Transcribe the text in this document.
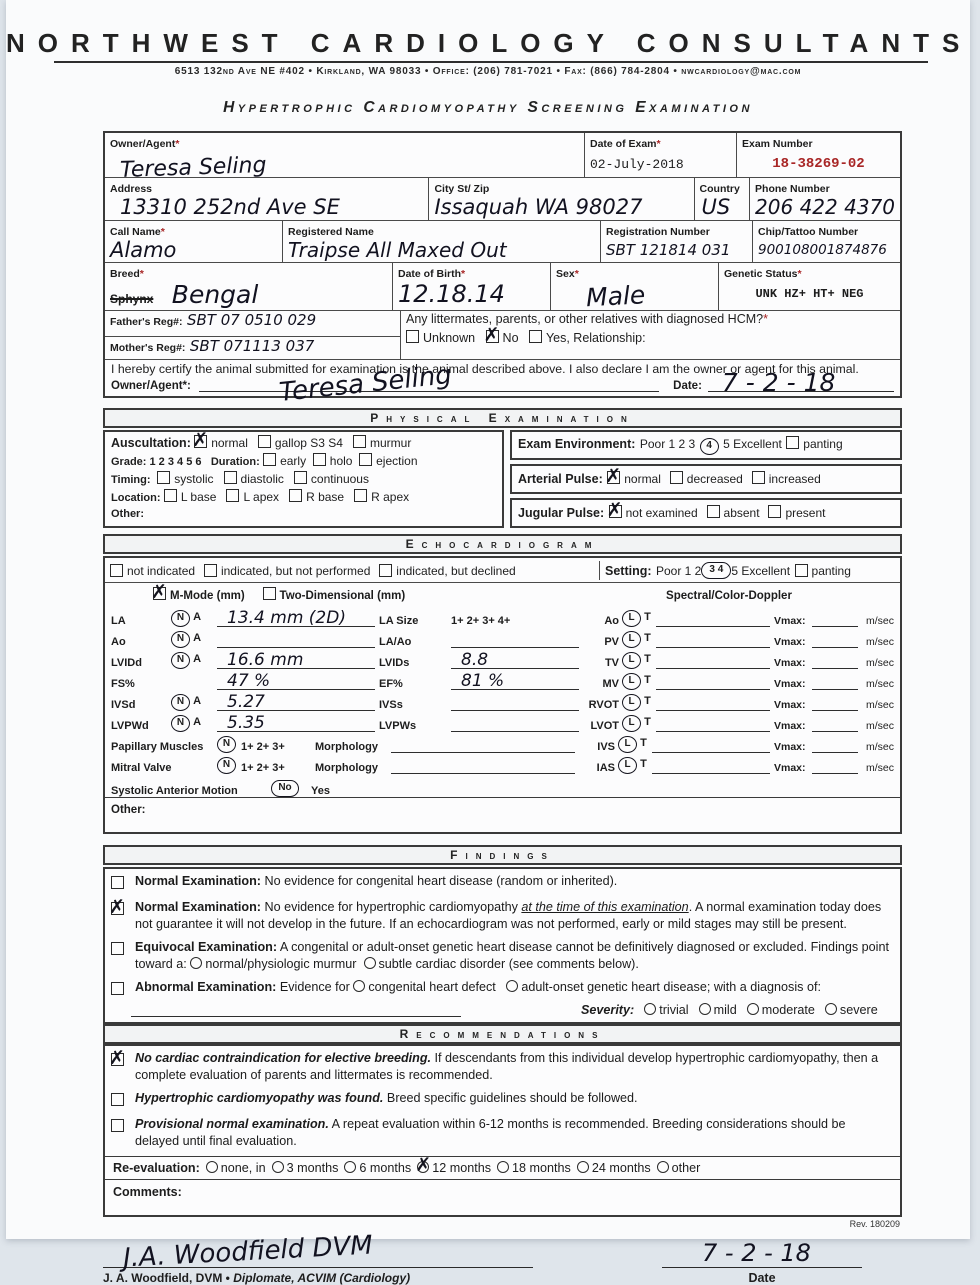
NORTHWEST CARDIOLOGY CONSULTANTS
6513 132nd Ave NE #402 • Kirkland, WA 98033 • Office: (206) 781-7021 • Fax: (866) 784-2804 • nwcardiology@mac.com
Hypertrophic Cardiomyopathy Screening Examination
Owner/Agent*
Teresa Seling
Date of Exam*
02-July-2018
Exam Number
18-38269-02
Address
13310 252nd Ave SE
City St/ Zip
Issaquah WA 98027
Country
US
Phone Number
206 422 4370
Call Name*
Alamo
Registered Name
Traipse All Maxed Out
Registration Number
SBT 121814 031
Chip/Tattoo Number
900108001874876
Breed*
Sphynx Bengal
Date of Birth*
12.18.14
Sex*
Male
Genetic Status*
UNK HZ+ HT+ NEG
Father's Reg#: SBT 07 0510 029
Mother's Reg#: SBT 071113 037
Any littermates, parents, or other relatives with diagnosed HCM?*
Unknown ✗ No Yes, Relationship:
I hereby certify the animal submitted for examination is the animal described above. I also declare I am the owner or agent for this animal.
Owner/Agent*:	Teresa Seling	Date: 7 - 2 - 18
Physical Examination
Auscultation: ✗ normal gallop S3 S4 murmur
Grade: 1 2 3 4 5 6 Duration: early holo ejection
Timing: systolic diastolic continuous
Location: L base L apex R base R apex
Other:
Exam Environment: Poor 1 2 3 4 5 Excellent panting
Arterial Pulse: ✗ normal decreased increased
Jugular Pulse: ✗ not examined absent present
Echocardiogram
not indicated
indicated, but not performed
indicated, but declined	Setting:
Poor 1 2 3 4 5 Excellent
panting
✗M-Mode (mm)	Two-Dimensional (mm)	Spectral/Color-Doppler
LA	N A	13.4 mm (2D)	LA Size	1+ 2+ 3+ 4+	Ao L T	Vmax:	m/sec
Ao	N A	LA/Ao	PV L T	Vmax:	m/sec
LVIDd	N A	16.6 mm	LVIDs	8.8	TV L T	Vmax:	m/sec
FS%	47 %	EF%	81 %	MV L T	Vmax:	m/sec
IVSd	N A	5.27	IVSs	RVOT L T	Vmax:	m/sec
LVPWd	N A	5.35	LVPWs	LVOT L T	Vmax:	m/sec
Papillary Muscles	N 1+ 2+ 3+	Morphology	IVS L T	Vmax:	m/sec
Mitral Valve	N 1+ 2+ 3+	Morphology	IAS L T	Vmax:	m/sec
Systolic Anterior Motion	No	Yes
Other:
Findings
Normal Examination: No evidence for congenital heart disease (random or inherited).
✗
Normal Examination: No evidence for hypertrophic cardiomyopathy at the time of this examination. A normal examination today does not guarantee it will not develop in the future. If an echocardiogram was not performed, early or mild stages may still be present.
Equivocal Examination: A congenital or adult-onset genetic heart disease cannot be definitively diagnosed or excluded. Findings point toward a: normal/physiologic murmur subtle cardiac disorder (see comments below).
Abnormal Examination: Evidence for congenital heart defect adult-onset genetic heart disease; with a diagnosis of:
Severity:	trivial	mild	moderate	severe
Recommendations
✗
No cardiac contraindication for elective breeding. If descendants from this individual develop hypertrophic cardiomyopathy, then a complete evaluation of parents and littermates is recommended.
Hypertrophic cardiomyopathy was found. Breed specific guidelines should be followed.
Provisional normal examination. A repeat evaluation within 6-12 months is recommended. Breeding considerations should be delayed until final evaluation.
Re-evaluation:	none, in	3 months	6 months ✗	12 months	18 months	24 months	other
Comments:
Rev. 180209
J.A. Woodfield DVM
J. A. Woodfield, DVM • Diplomate, ACVIM (Cardiology)
7 - 2 - 18
Date
